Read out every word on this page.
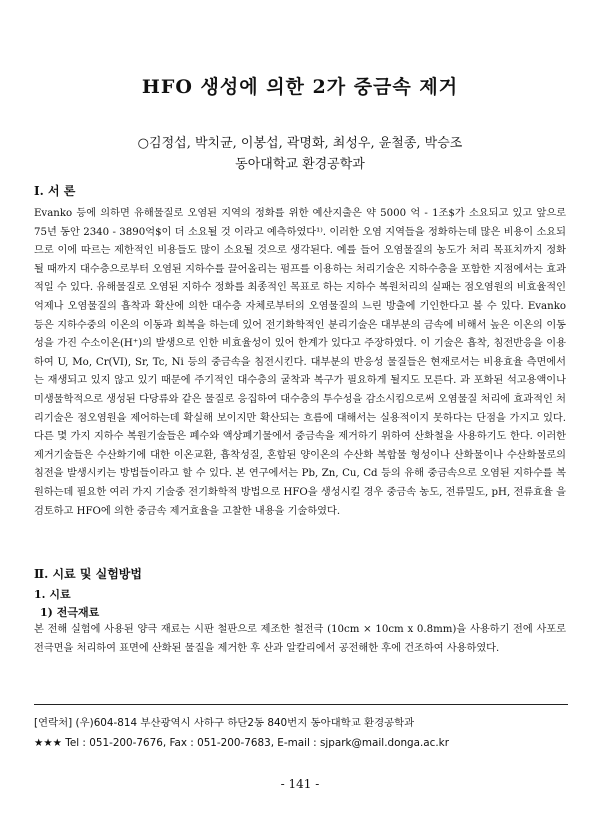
HFO 생성에 의한 2가 중금속 제거
○김정섭, 박치균, 이봉섭, 곽명화, 최성우, 윤철종, 박승조
동아대학교 환경공학과
Ⅰ. 서 론

Evanko 등에 의하면 유해물질로 오염된 지역의 정화를 위한 예산지출은 약 5000 억 - 1조$가 소요되고 있고 앞으로 75년 동안 2340 - 3890억$이 더 소요될 것 이라고 예측하였다¹⁾. 이러한 오염 지역들을 정화하는데 많은 비용이 소요되므로 이에 따르는 제한적인 비용들도 많이 소요될 것으로 생각된다. 예를 들어 오염물질의 농도가 처리 목표치까지 정화될 때까지 대수층으로부터 오염된 지하수를 끌어올리는 펌프를 이용하는 처리기술은 지하수층을 포함한 지점에서는 효과적일 수 있다. 유해물질로 오염된 지하수 정화를 최종적인 목표로 하는 지하수 복원처리의 실패는 점오염원의 비효율적인 억제나 오염물질의 흡착과 확산에 의한 대수층 자체로부터의 오염물질의 느린 방출에 기인한다고 볼 수 있다. Evanko 등은 지하수중의 이온의 이동과 회복을 하는데 있어 전기화학적인 분리기술은 대부분의 금속에 비해서 높은 이온의 이동성을 가진 수소이온(H⁺)의 발생으로 인한 비효율성이 있어 한계가 있다고 주장하였다. 이 기술은 흡착, 침전반응을 이용하여 U, Mo, Cr(VI), Sr, Tc, Ni 등의 중금속을 침전시킨다. 대부분의 반응성 물질들은 현재로서는 비용효율 측면에서는 재생되고 있지 않고 있기 때문에 주기적인 대수층의 굴착과 복구가 필요하게 될지도 모른다. 과 포화된 석고용액이나 미생물학적으로 생성된 다당류와 같은 물질로 응집하여 대수층의 투수성을 감소시킴으로써 오염물질 처리에 효과적인 처리기술은 점오염원을 제어하는데 확실해 보이지만 확산되는 흐름에 대해서는 실용적이지 못하다는 단점을 가지고 있다. 다른 몇 가지 지하수 복원기술들은 폐수와 액상폐기물에서 중금속을 제거하기 위하여 산화철을 사용하기도 한다. 이러한 제거기술들은 수산화기에 대한 이온교환, 흡착성질, 혼합된 양이온의 수산화 복합물 형성이나 산화물이나 수산화물로의 침전을 발생시키는 방법들이라고 할 수 있다. 본 연구에서는 Pb, Zn, Cu, Cd 등의 유해 중금속으로 오염된 지하수를 복원하는데 필요한 여러 가지 기술중 전기화학적 방법으로 HFO을 생성시킬 경우 중금속 농도, 전류밀도, pH, 전류효율 을 검토하고 HFO에 의한 중금속 제거효율을 고찰한 내용을 기술하였다.

Ⅱ. 시료 및 실험방법
1. 시료
1) 전극재료

본 전해 실험에 사용된 양극 재료는 시판 철판으로 제조한 철전극 (10cm × 10cm x 0.8mm)을 사용하기 전에 사포로 전극면을 처리하여 표면에 산화된 물질을 제거한 후 산과 알칼리에서 공전해한 후에 건조하여 사용하였다.

[연락처] (우)604-814 부산광역시 사하구 하단2동 840번지 동아대학교 환경공학과
★★★ Tel : 051-200-7676, Fax : 051-200-7683, E-mail : sjpark@mail.donga.ac.kr
- 141 -
